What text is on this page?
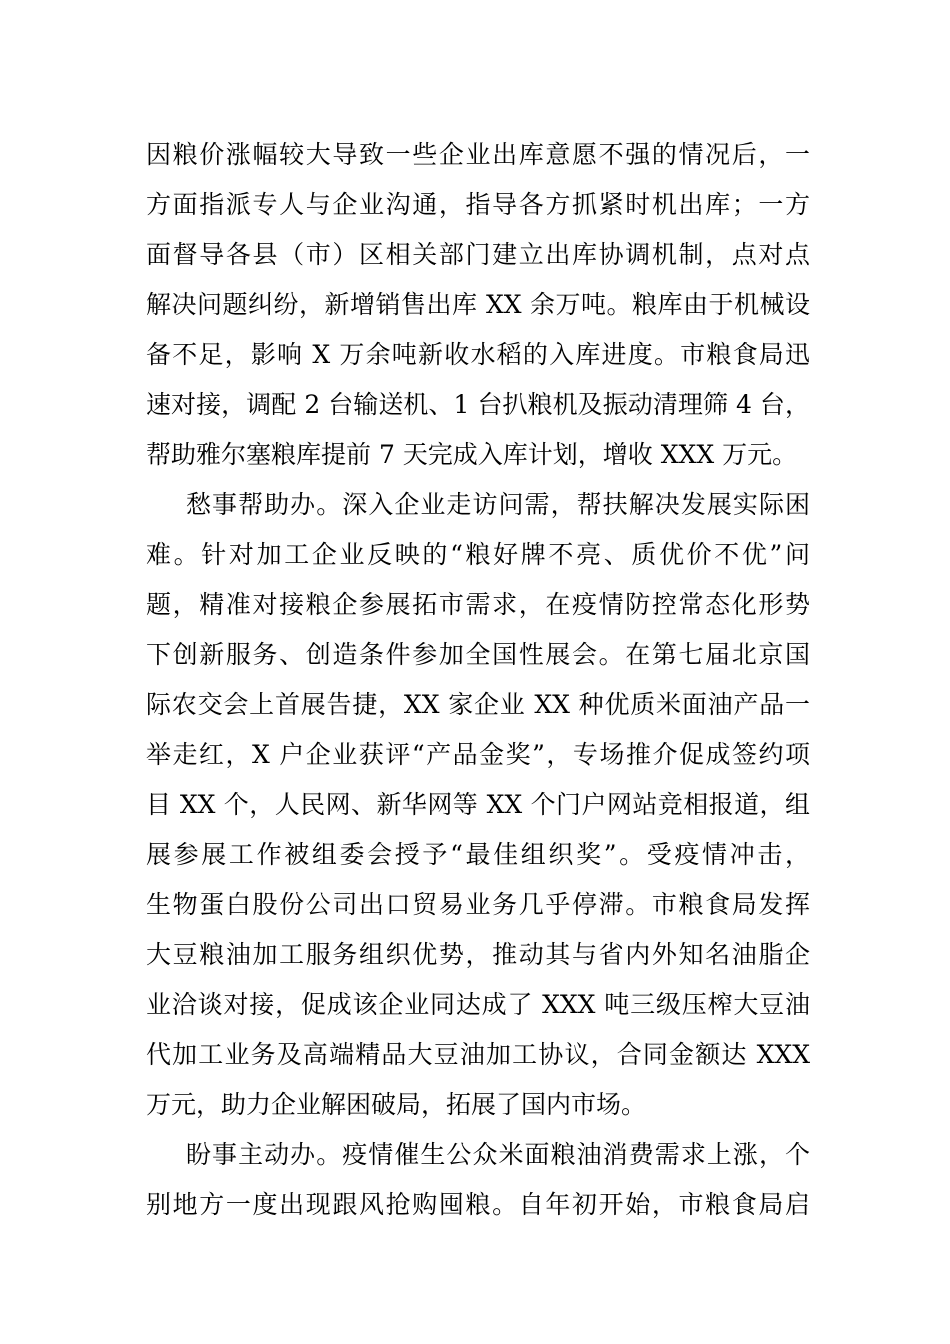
因粮价涨幅较大导致一些企业出库意愿不强的情况后，一
方面指派专人与企业沟通，指导各方抓紧时机出库；一方
面督导各县（市）区相关部门建立出库协调机制，点对点
解决问题纠纷，新增销售出库 XX 余万吨。粮库由于机械设
备不足，影响 X 万余吨新收水稻的入库进度。市粮食局迅
速对接，调配 2 台输送机、1 台扒粮机及振动清理筛 4 台，
帮助雅尔塞粮库提前 7 天完成入库计划，增收 XXX 万元。
愁事帮助办。深入企业走访问需，帮扶解决发展实际困
难。针对加工企业反映的“粮好牌不亮、质优价不优”问
题，精准对接粮企参展拓市需求，在疫情防控常态化形势
下创新服务、创造条件参加全国性展会。在第七届北京国
际农交会上首展告捷，XX 家企业 XX 种优质米面油产品一
举走红，X 户企业获评“产品金奖”，专场推介促成签约项
目 XX 个，人民网、新华网等 XX 个门户网站竞相报道，组
展参展工作被组委会授予“最佳组织奖”。受疫情冲击，
生物蛋白股份公司出口贸易业务几乎停滞。市粮食局发挥
大豆粮油加工服务组织优势，推动其与省内外知名油脂企
业洽谈对接，促成该企业同达成了 XXX 吨三级压榨大豆油
代加工业务及高端精品大豆油加工协议，合同金额达 XXX
万元，助力企业解困破局，拓展了国内市场。
盼事主动办。疫情催生公众米面粮油消费需求上涨，个
别地方一度出现跟风抢购囤粮。自年初开始，市粮食局启
